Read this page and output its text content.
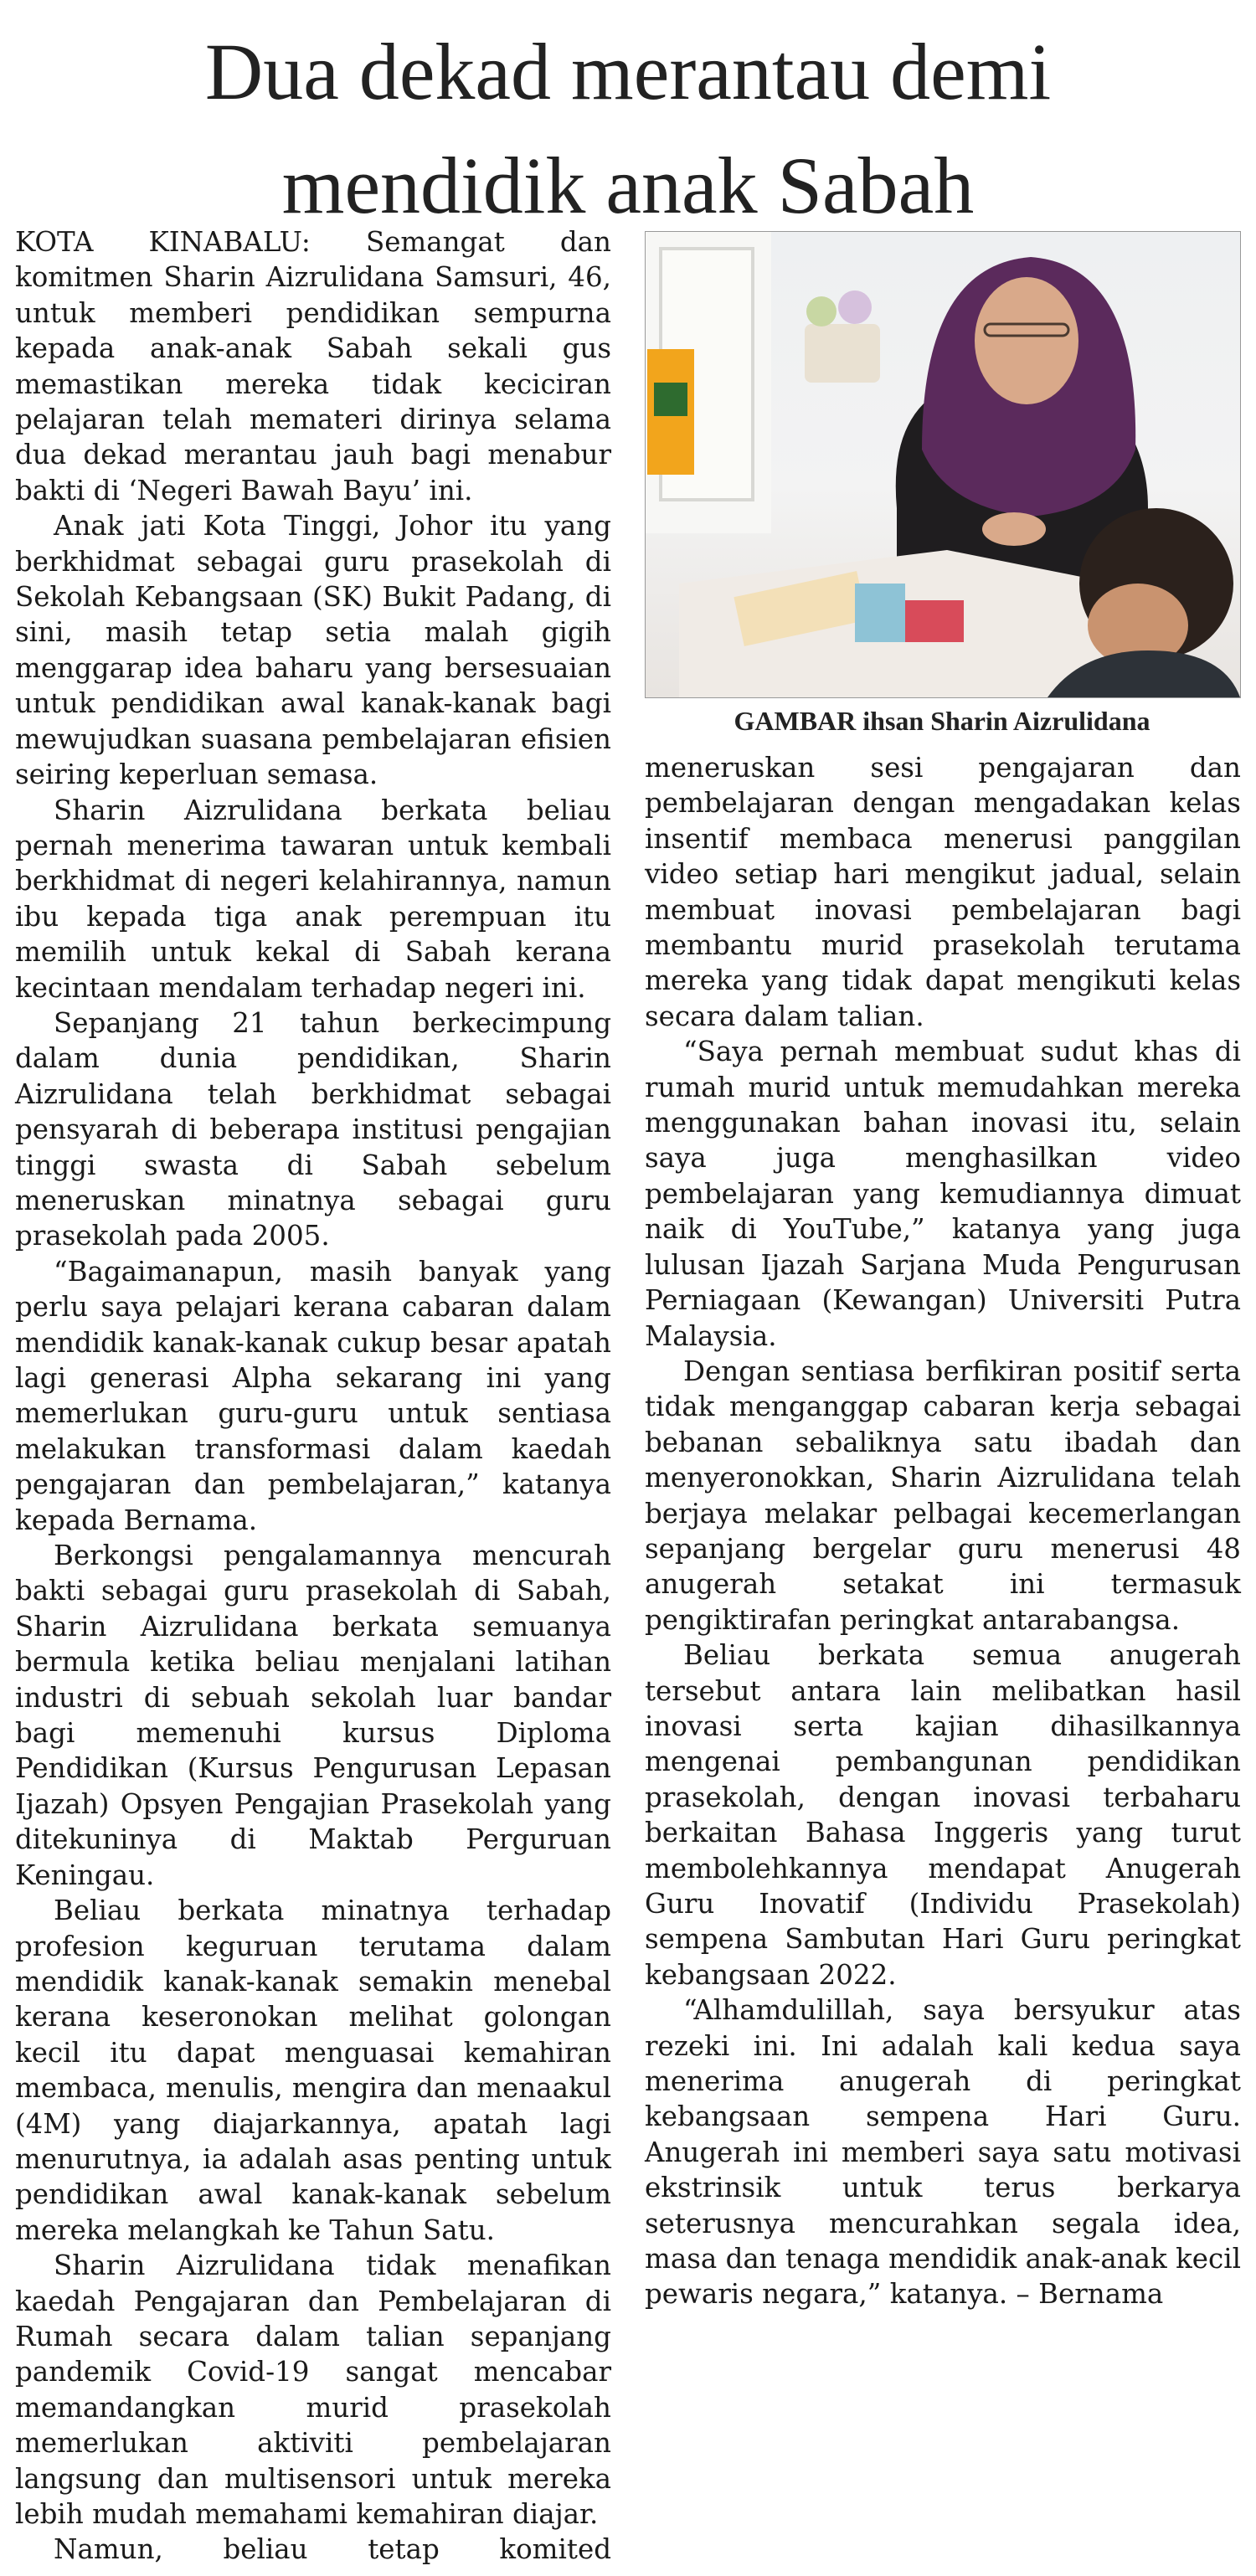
Dua dekad merantau demi
mendidik anak Sabah

KOTA KINABALU: Semangat dan komitmen Sharin Aizrulidana Samsuri, 46, untuk memberi pendidikan sempurna kepada anak-anak Sabah sekali gus memastikan mereka tidak keciciran pelajaran telah memateri dirinya selama dua dekad merantau jauh bagi menabur bakti di ‘Negeri Bawah Bayu’ ini.

Anak jati Kota Tinggi, Johor itu yang berkhidmat sebagai guru prasekolah di Sekolah Kebangsaan (SK) Bukit Padang, di sini, masih tetap setia malah gigih menggarap idea baharu yang bersesuaian untuk pendidikan awal kanak-kanak bagi mewujudkan suasana pembelajaran efisien seiring keperluan semasa.

Sharin Aizrulidana berkata beliau pernah menerima tawaran untuk kembali berkhidmat di negeri kelahirannya, namun ibu kepada tiga anak perempuan itu memilih untuk kekal di Sabah kerana kecintaan mendalam terhadap negeri ini.

Sepanjang 21 tahun berkecimpung dalam dunia pendidikan, Sharin Aizrulidana telah berkhidmat sebagai pensyarah di beberapa institusi pengajian tinggi swasta di Sabah sebelum meneruskan minatnya sebagai guru prasekolah pada 2005.

“Bagaimanapun, masih banyak yang perlu saya pelajari kerana cabaran dalam mendidik kanak-kanak cukup besar apatah lagi generasi Alpha sekarang ini yang memerlukan guru-guru untuk sentiasa melakukan transformasi dalam kaedah pengajaran dan pembelajaran,” katanya kepada Bernama.

Berkongsi pengalamannya mencurah bakti sebagai guru prasekolah di Sabah, Sharin Aizrulidana berkata semuanya bermula ketika beliau menjalani latihan industri di sebuah sekolah luar bandar bagi memenuhi kursus Diploma Pendidikan (Kursus Pengurusan Lepasan Ijazah) Opsyen Pengajian Prasekolah yang ditekuninya di Maktab Perguruan Keningau.

Beliau berkata minatnya terhadap profesion keguruan terutama dalam mendidik kanak-kanak semakin menebal kerana keseronokan melihat golongan kecil itu dapat menguasai kemahiran membaca, menulis, mengira dan menaakul (4M) yang diajarkannya, apatah lagi menurutnya, ia adalah asas penting untuk pendidikan awal kanak-kanak sebelum mereka melangkah ke Tahun Satu.

Sharin Aizrulidana tidak menafikan kaedah Pengajaran dan Pembelajaran di Rumah secara dalam talian sepanjang pandemik Covid-19 sangat mencabar memandangkan murid prasekolah memerlukan aktiviti pembelajaran langsung dan multisensori untuk mereka lebih mudah memahami kemahiran diajar.

Namun, beliau tetap komited

GAMBAR ihsan Sharin Aizrulidana

meneruskan sesi pengajaran dan pembelajaran dengan mengadakan kelas insentif membaca menerusi panggilan video setiap hari mengikut jadual, selain membuat inovasi pembelajaran bagi membantu murid prasekolah terutama mereka yang tidak dapat mengikuti kelas secara dalam talian.

“Saya pernah membuat sudut khas di rumah murid untuk memudahkan mereka menggunakan bahan inovasi itu, selain saya juga menghasilkan video pembelajaran yang kemudiannya dimuat naik di YouTube,” katanya yang juga lulusan Ijazah Sarjana Muda Pengurusan Perniagaan (Kewangan) Universiti Putra Malaysia.

Dengan sentiasa berfikiran positif serta tidak menganggap cabaran kerja sebagai bebanan sebaliknya satu ibadah dan menyeronokkan, Sharin Aizrulidana telah berjaya melakar pelbagai kecemerlangan sepanjang bergelar guru menerusi 48 anugerah setakat ini termasuk pengiktirafan peringkat antarabangsa.

Beliau berkata semua anugerah tersebut antara lain melibatkan hasil inovasi serta kajian dihasilkannya mengenai pembangunan pendidikan prasekolah, dengan inovasi terbaharu berkaitan Bahasa Inggeris yang turut membolehkannya mendapat Anugerah Guru Inovatif (Individu Prasekolah) sempena Sambutan Hari Guru peringkat kebangsaan 2022.

“Alhamdulillah, saya bersyukur atas rezeki ini. Ini adalah kali kedua saya menerima anugerah di peringkat kebangsaan sempena Hari Guru. Anugerah ini memberi saya satu motivasi ekstrinsik untuk terus berkarya seterusnya mencurahkan segala idea, masa dan tenaga mendidik anak-anak kecil pewaris negara,” katanya. – Bernama
